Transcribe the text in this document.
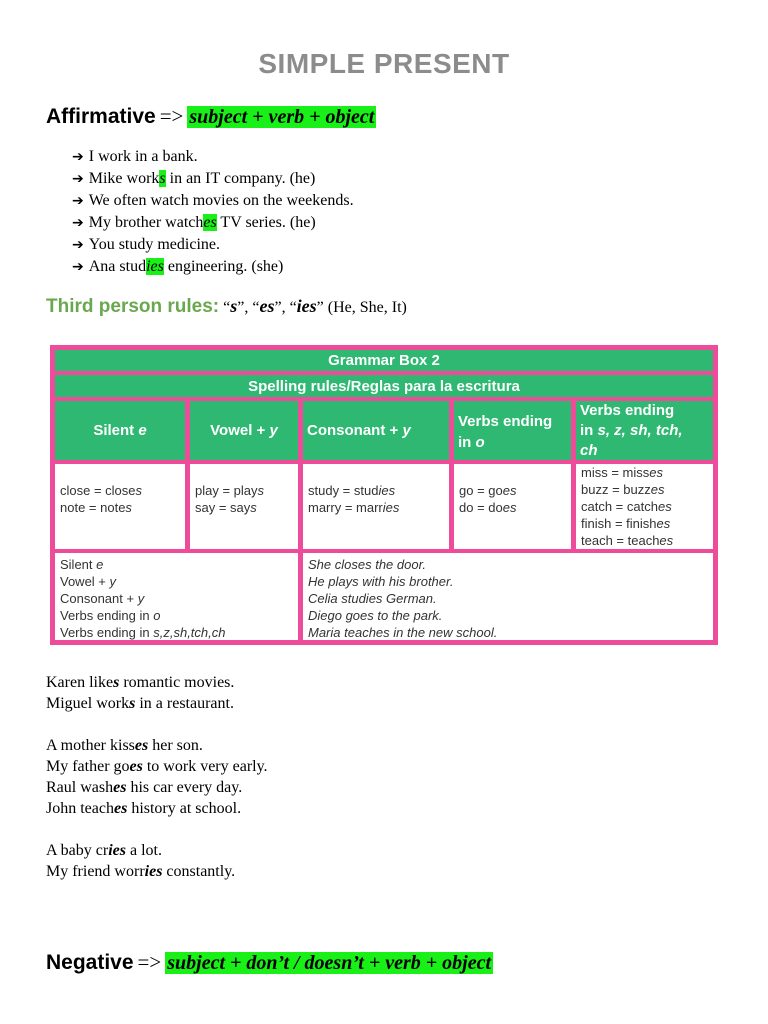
SIMPLE PRESENT
Affirmative => subject + verb + object
➔ I work in a bank.
➔ Mike works in an IT company. (he)
➔ We often watch movies on the weekends.
➔ My brother watches TV series. (he)
➔ You study medicine.
➔ Ana studies engineering. (she)
Third person rules: “s”, “es”, “ies” (He, She, It)
Grammar Box 2
Spelling rules/Reglas para la escritura
Silent
e	Vowel +
y Consonant +
y
Verbs ending
in o
Verbs ending
in s, z, sh, tch,
ch
close = closes
note = notes
play = plays
say = says
study = studies
marry = marries
go = goes
do = does
miss = misses
buzz = buzzes
catch = catches
finish = finishes
teach = teaches
Silent e
Vowel + y
Consonant + y
Verbs ending in o
Verbs ending in s,z,sh,tch,ch
She closes the door.
He plays with his brother.
Celia studies German.
Diego goes to the park.
Maria teaches in the new school.
Karen likes romantic movies.
Miguel works in a restaurant.
A mother kisses her son.
My father goes to work very early.
Raul washes his car every day.
John teaches history at school.
A baby cries a lot.
My friend worries constantly.
Negative => subject + don’t / doesn’t + verb + object
